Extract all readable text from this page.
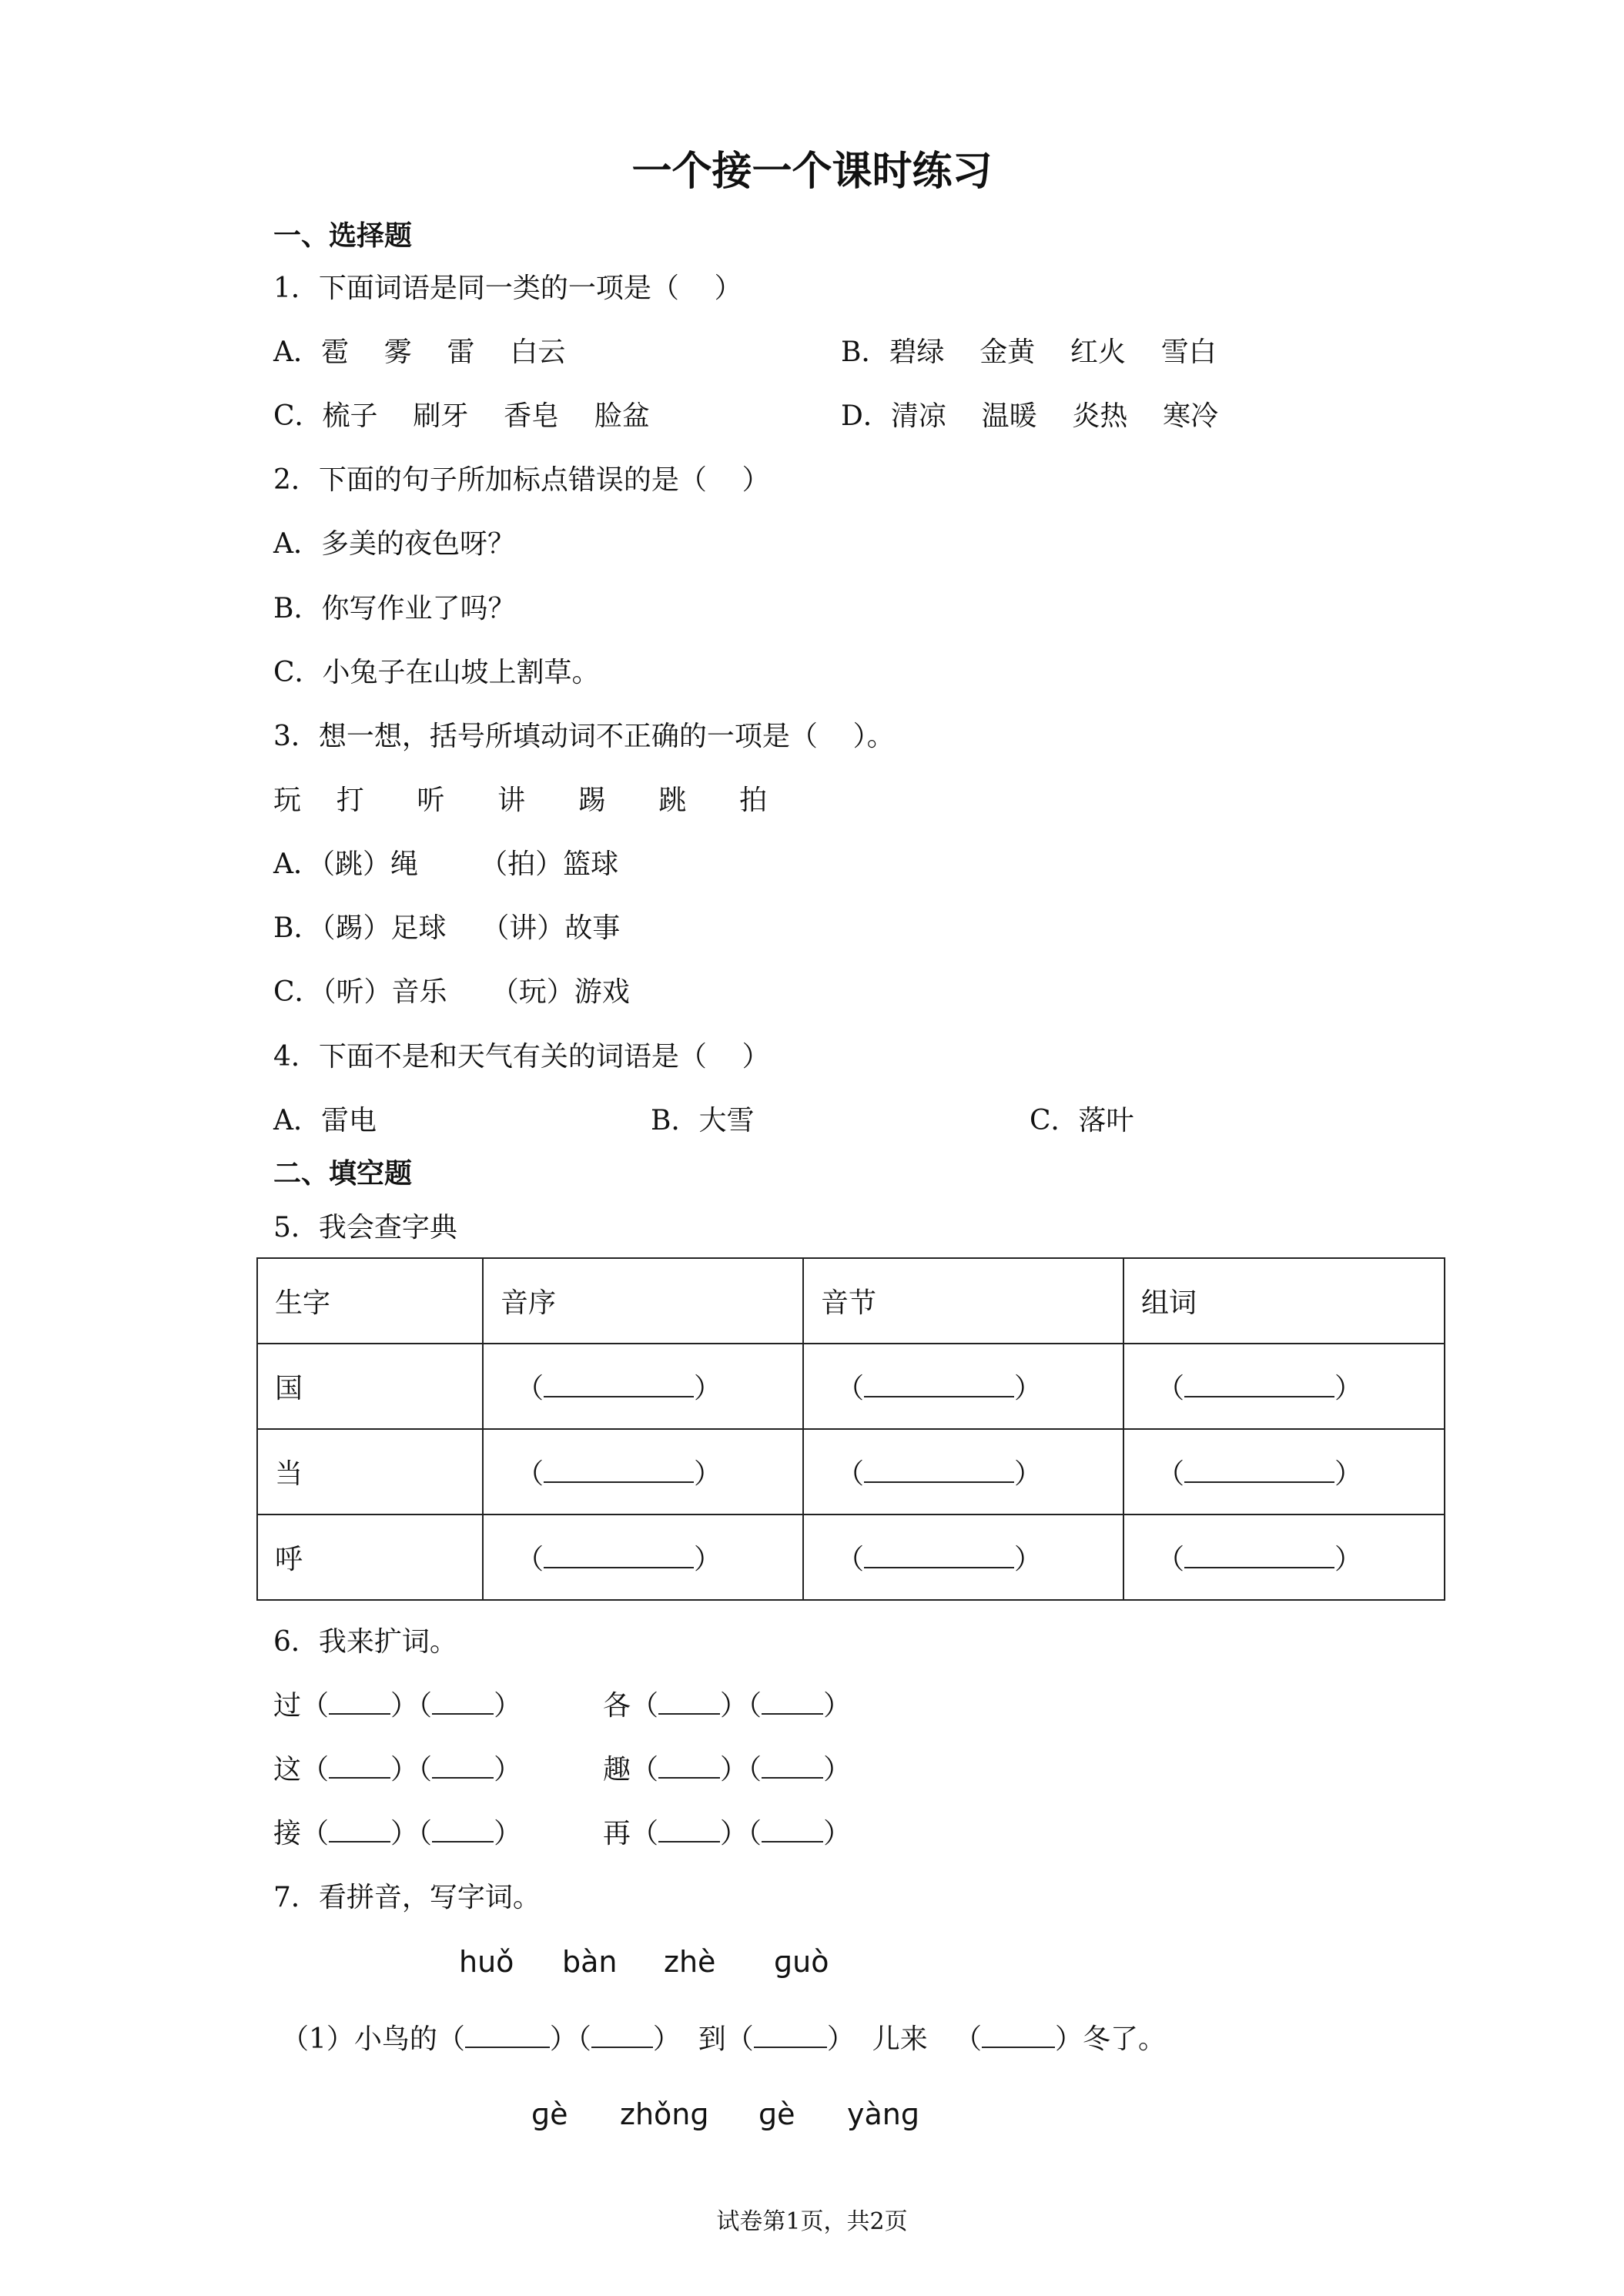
一个接一个课时练习
一、选择题
1．下面词语是同一类的一项是（    ）
A．雹    雾    雷    白云	B．碧绿    金黄    红火    雪白
C．梳子    刷牙    香皂    脸盆	D．清凉    温暖    炎热    寒冷
2．下面的句子所加标点错误的是（    ）
A．多美的夜色呀？
B．你写作业了吗？
C．小兔子在山坡上割草。
3．想一想，括号所填动词不正确的一项是（    ）。
玩    打      听      讲      踢      跳      拍
A．（跳）绳       （拍）篮球
B．（踢）足球    （讲）故事
C．（听）音乐     （玩）游戏
4．下面不是和天气有关的词语是（    ）
A．雷电	B．大雪	C．落叶
二、填空题
5．我会查字典
生字	音序	音节	组词
国	（ ）	（ ）	（ ）
当	（ ）	（ ）	（ ）
呼	（ ）	（ ）	（ ）
6．我来扩词。
过（ ）（ ）	各（ ）（ ）
这（ ）（ ）	趣（ ）（ ）
接（ ）（ ）	再（ ）（ ）
7．看拼音，写字词。
huǒ bàn zhè ɡuò
（1）小鸟的（	）（ ）  到（	）  儿来   （	）冬了。
ɡè zhǒnɡ ɡè yànɡ
试卷第1页，共2页
